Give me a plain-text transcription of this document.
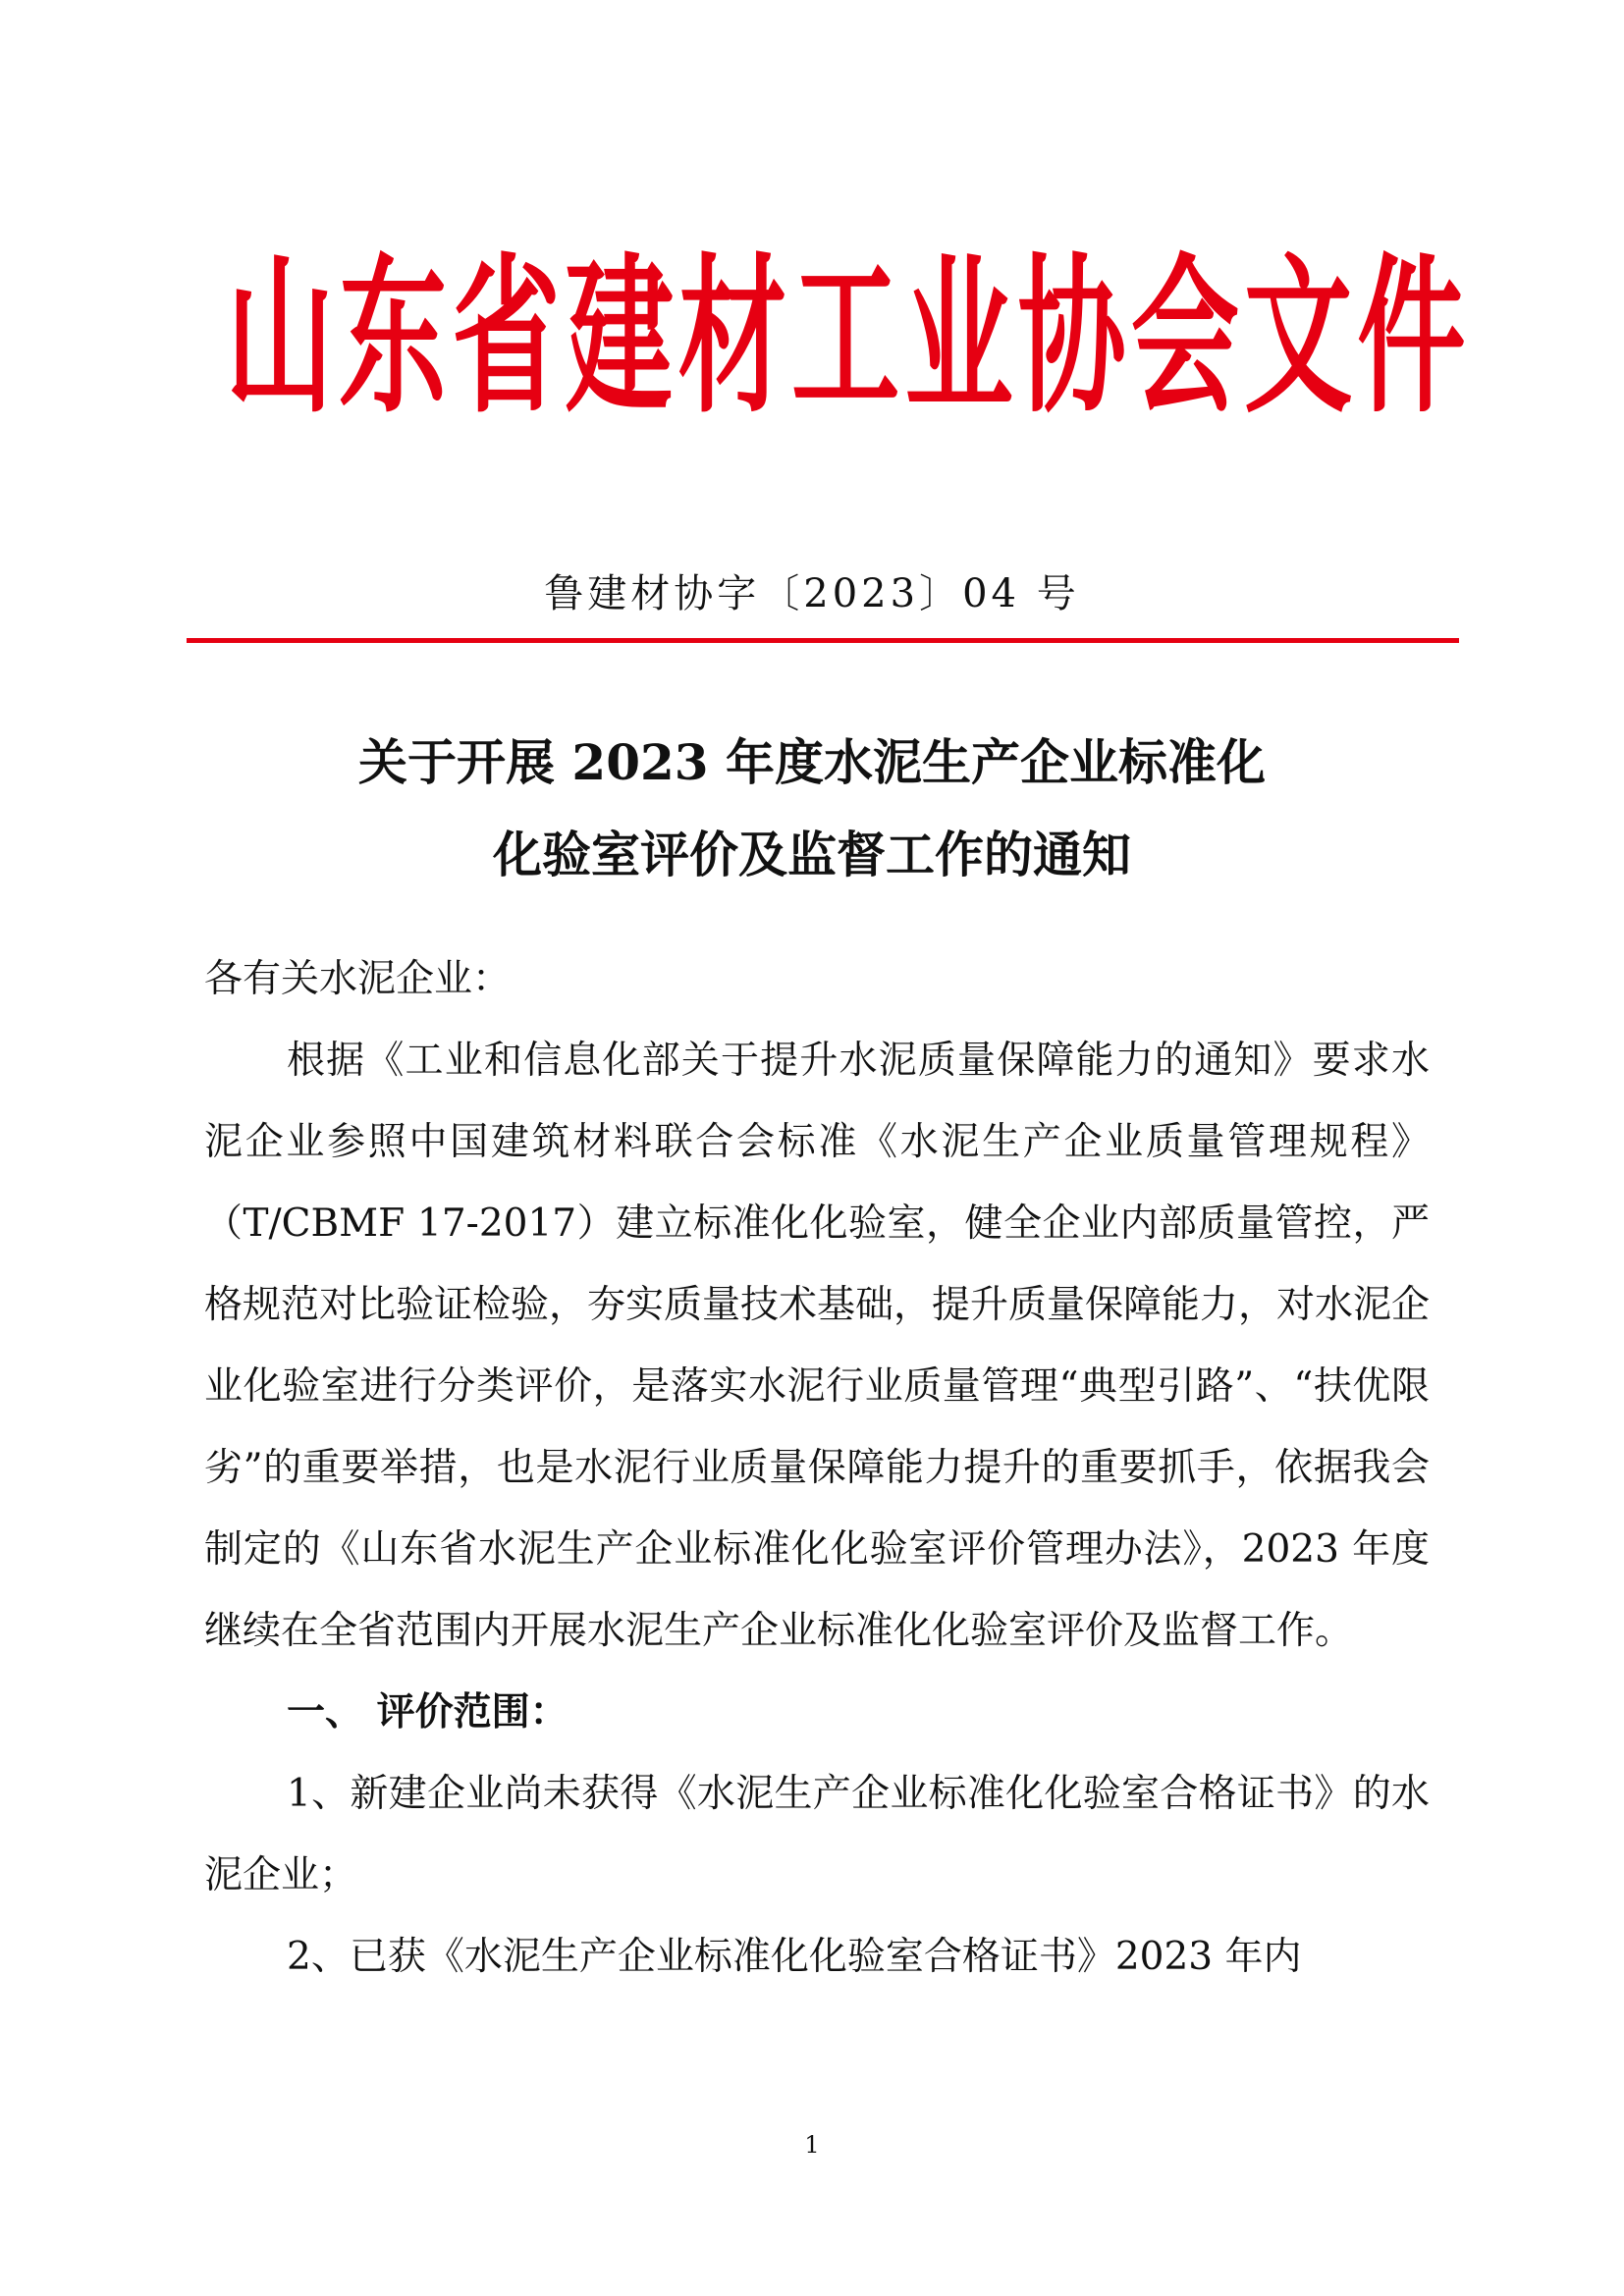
山东省建材工业协会文件
鲁建材协字〔2023〕04 号
关于开展 2023 年度水泥生产企业标准化
化验室评价及监督工作的通知

各有关水泥企业：

根据《工业和信息化部关于提升水泥质量保障能力的通知》要求水泥企业参照中国建筑材料联合会标准《水泥生产企业质量管理规程》（T/CBMF 17-2017）建立标准化化验室，健全企业内部质量管控，严格规范对比验证检验，夯实质量技术基础，提升质量保障能力，对水泥企业化验室进行分类评价，是落实水泥行业质量管理“典型引路”、“扶优限劣”的重要举措，也是水泥行业质量保障能力提升的重要抓手，依据我会制定的《山东省水泥生产企业标准化化验室评价管理办法》，2023 年度继续在全省范围内开展水泥生产企业标准化化验室评价及监督工作。

一、 评价范围：

1、新建企业尚未获得《水泥生产企业标准化化验室合格证书》的水泥企业；

2、已获《水泥生产企业标准化化验室合格证书》2023 年内

1
